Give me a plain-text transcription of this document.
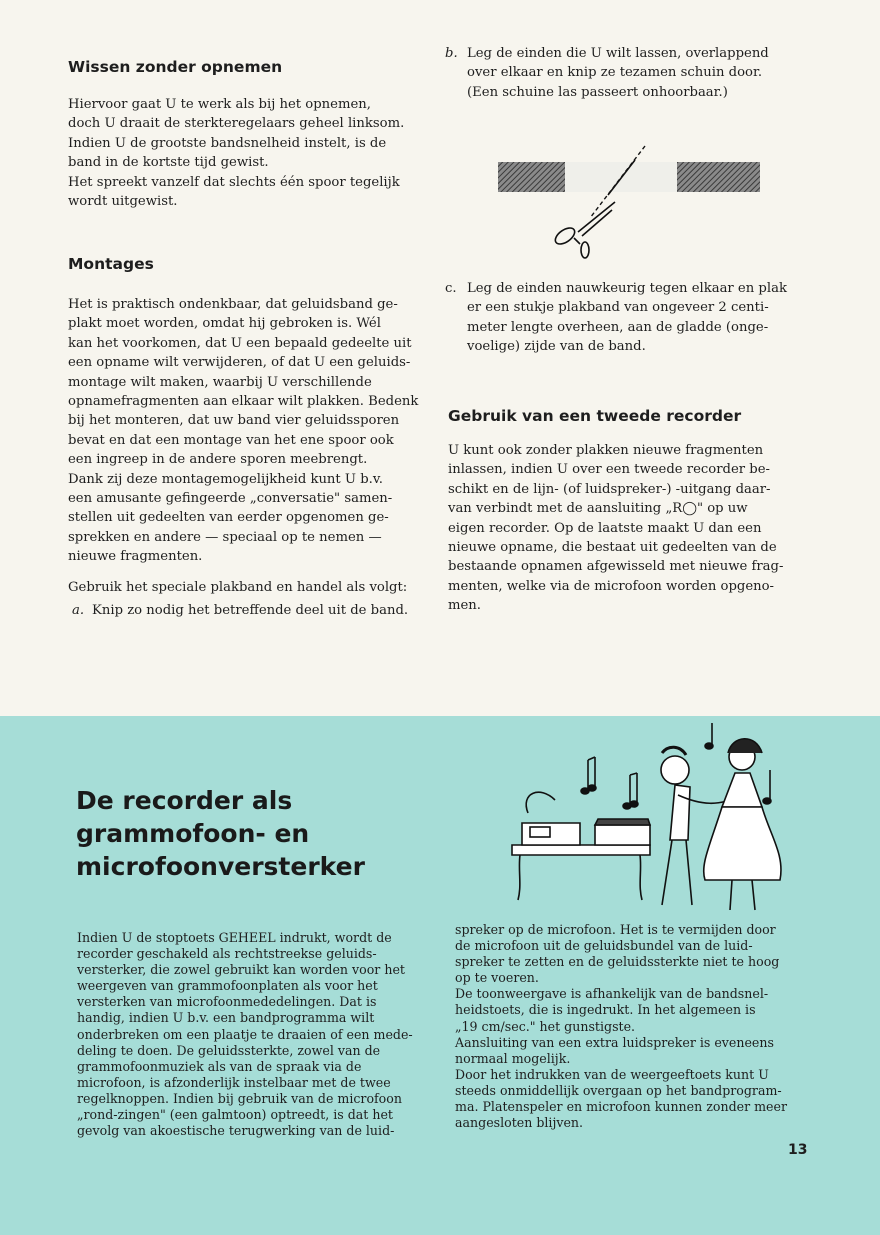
Wissen zonder opnemen
Hiervoor gaat U te werk als bij het opnemen,
doch U draait de sterkteregelaars geheel linksom.
Indien U de grootste bandsnelheid instelt, is de
band in de kortste tijd gewist.
Het spreekt vanzelf dat slechts één spoor tegelijk
wordt uitgewist.
Montages
Het is praktisch ondenkbaar, dat geluidsband ge-
plakt moet worden, omdat hij gebroken is. Wél
kan het voorkomen, dat U een bepaald gedeelte uit
een opname wilt verwijderen, of dat U een geluids-
montage wilt maken, waarbij U verschillende
opnamefragmenten aan elkaar wilt plakken. Bedenk
bij het monteren, dat uw band vier geluidssporen
bevat en dat een montage van het ene spoor ook
een ingreep in de andere sporen meebrengt.
Dank zij deze montagemogelijkheid kunt U b.v.
een amusante gefingeerde „conversatie" samen-
stellen uit gedeelten van eerder opgenomen ge-
sprekken en andere — speciaal op te nemen —
nieuwe fragmenten.

Gebruik het speciale plakband en handel als volgt:

a. Knip zo nodig het betreffende deel uit de band.
b. Leg de einden die U wilt lassen, overlappend
over elkaar en knip ze tezamen schuin door.
(Een schuine las passeert onhoorbaar.)
c. Leg de einden nauwkeurig tegen elkaar en plak
er een stukje plakband van ongeveer 2 centi-
meter lengte overheen, aan de gladde (onge-
voelige) zijde van de band.
Gebruik van een tweede recorder
U kunt ook zonder plakken nieuwe fragmenten
inlassen, indien U over een tweede recorder be-
schikt en de lijn- (of luidspreker-) -uitgang daar-
van verbindt met de aansluiting „R◯" op uw
eigen recorder. Op de laatste maakt U dan een
nieuwe opname, die bestaat uit gedeelten van de
bestaande opnamen afgewisseld met nieuwe frag-
menten, welke via de microfoon worden opgeno-
men.
De recorder als
grammofoon- en
microfoonversterker
Indien U de stoptoets GEHEEL indrukt, wordt de
recorder geschakeld als rechtstreekse geluids-
versterker, die zowel gebruikt kan worden voor het
weergeven van grammofoonplaten als voor het
versterken van microfoonmededelingen. Dat is
handig, indien U b.v. een bandprogramma wilt
onderbreken om een plaatje te draaien of een mede-
deling te doen. De geluidssterkte, zowel van de
grammofoonmuziek als van de spraak via de
microfoon, is afzonderlijk instelbaar met de twee
regelknoppen. Indien bij gebruik van de microfoon
„rond-zingen" (een galmtoon) optreedt, is dat het
gevolg van akoestische terugwerking van de luid-
spreker op de microfoon. Het is te vermijden door
de microfoon uit de geluidsbundel van de luid-
spreker te zetten en de geluidssterkte niet te hoog
op te voeren.
De toonweergave is afhankelijk van de bandsnel-
heidstoets, die is ingedrukt. In het algemeen is
„19 cm/sec." het gunstigste.
Aansluiting van een extra luidspreker is eveneens
normaal mogelijk.
Door het indrukken van de weergeeftoets kunt U
steeds onmiddellijk overgaan op het bandprogram-
ma. Platenspeler en microfoon kunnen zonder meer
aangesloten blijven.
13
